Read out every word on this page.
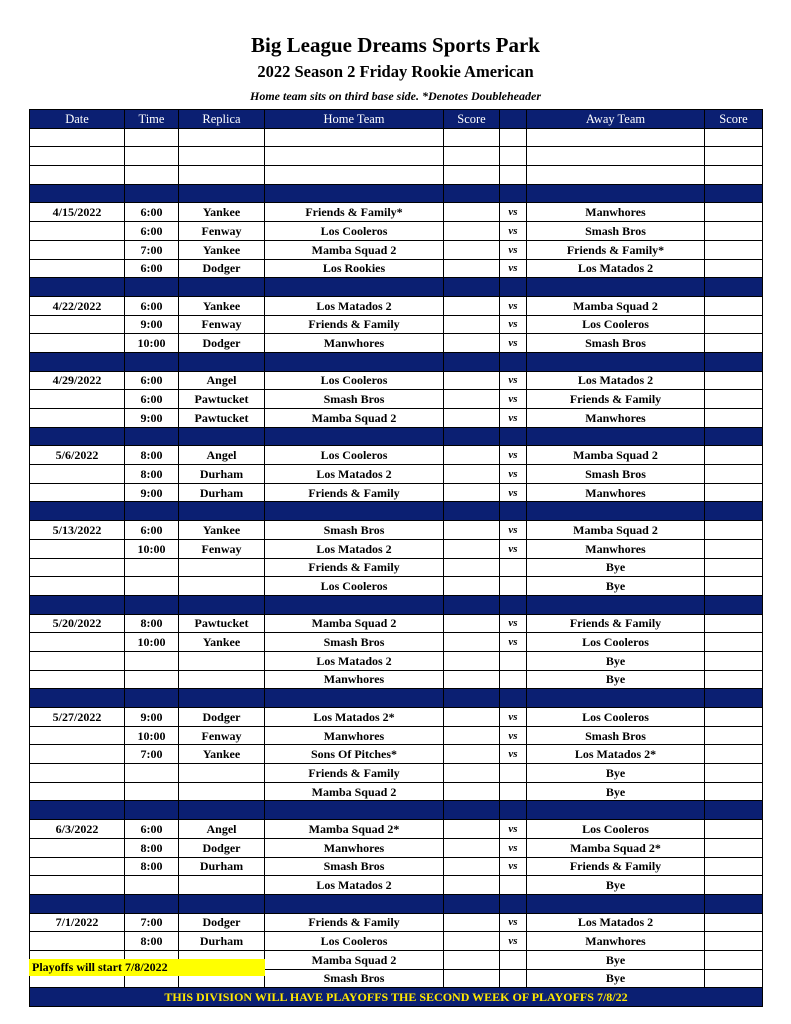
Big League Dreams Sports Park
2022 Season 2 Friday Rookie American
Home team sits on third base side. *Denotes Doubleheader
Date	Time	Replica	Home Team	Score		Away Team	Score

4/15/2022	6:00	Yankee	Friends & Family*		vs	Manwhores	
	6:00	Fenway	Los Cooleros		vs	Smash Bros	
	7:00	Yankee	Mamba Squad 2		vs	Friends & Family*	
	6:00	Dodger	Los Rookies		vs	Los Matados 2	

4/22/2022	6:00	Yankee	Los Matados 2		vs	Mamba Squad 2	
	9:00	Fenway	Friends & Family		vs	Los Cooleros	
	10:00	Dodger	Manwhores		vs	Smash Bros	

4/29/2022	6:00	Angel	Los Cooleros		vs	Los Matados 2	
	6:00	Pawtucket	Smash Bros		vs	Friends & Family	
	9:00	Pawtucket	Mamba Squad 2		vs	Manwhores	

5/6/2022	8:00	Angel	Los Cooleros		vs	Mamba Squad 2	
	8:00	Durham	Los Matados 2		vs	Smash Bros	
	9:00	Durham	Friends & Family		vs	Manwhores	

5/13/2022	6:00	Yankee	Smash Bros		vs	Mamba Squad 2	
	10:00	Fenway	Los Matados 2		vs	Manwhores	
			Friends & Family			Bye	
			Los Cooleros			Bye	

5/20/2022	8:00	Pawtucket	Mamba Squad 2		vs	Friends & Family	
	10:00	Yankee	Smash Bros		vs	Los Cooleros	
			Los Matados 2			Bye	
			Manwhores			Bye	

5/27/2022	9:00	Dodger	Los Matados 2*		vs	Los Cooleros	
	10:00	Fenway	Manwhores		vs	Smash Bros	
	7:00	Yankee	Sons Of Pitches*		vs	Los Matados 2*	
			Friends & Family			Bye	
			Mamba Squad 2			Bye	

6/3/2022	6:00	Angel	Mamba Squad 2*		vs	Los Cooleros	
	8:00	Dodger	Manwhores		vs	Mamba Squad 2*	
	8:00	Durham	Smash Bros		vs	Friends & Family	
			Los Matados 2			Bye	

7/1/2022	7:00	Dodger	Friends & Family		vs	Los Matados 2	
	8:00	Durham	Los Cooleros		vs	Manwhores	
			Mamba Squad 2			Bye	
			Smash Bros			Bye	
THIS DIVISION WILL HAVE PLAYOFFS THE SECOND WEEK OF PLAYOFFS 7/8/22							
Playoffs will start 7/8/2022
